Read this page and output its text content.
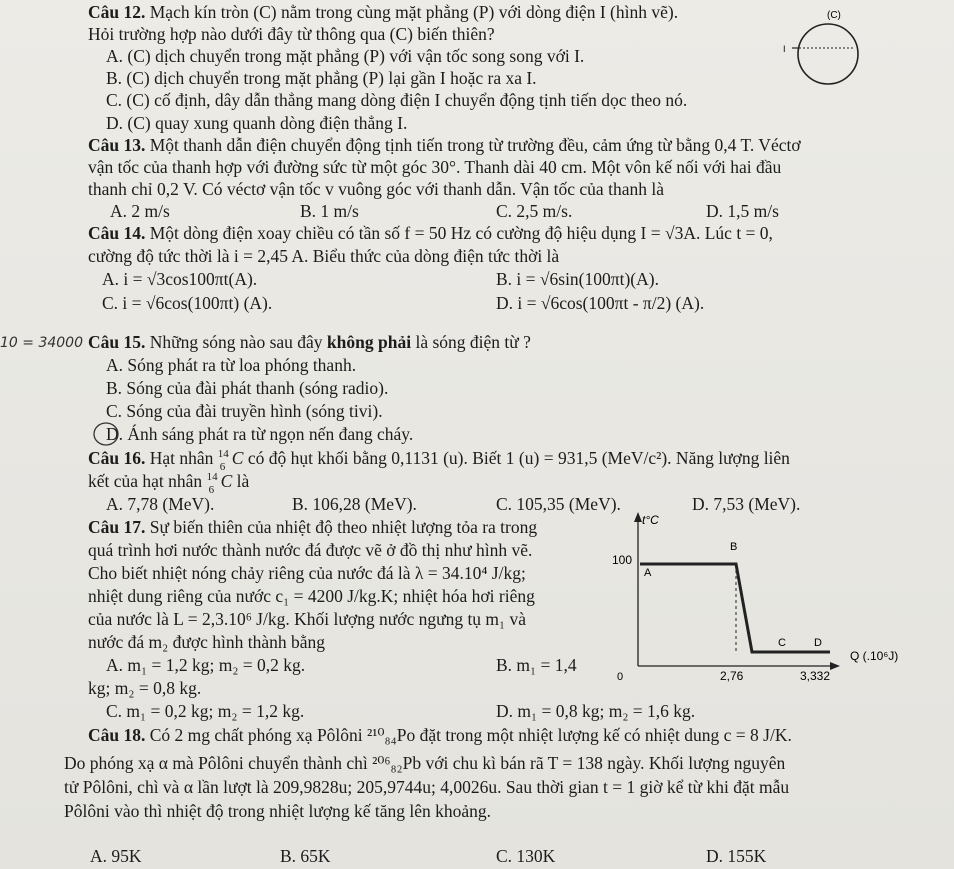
Câu 12. Mạch kín tròn (C) nằm trong cùng mặt phẳng (P) với dòng điện I (hình vẽ).
Hỏi trường hợp nào dưới đây từ thông qua (C) biến thiên?
A. (C) dịch chuyển trong mặt phẳng (P) với vận tốc song song với I.
B. (C) dịch chuyển trong mặt phẳng (P) lại gần I hoặc ra xa I.
C. (C) cố định, dây dẫn thẳng mang dòng điện I chuyển động tịnh tiến dọc theo nó.
D. (C) quay xung quanh dòng điện thẳng I.
(C)
I
Câu 13. Một thanh dẫn điện chuyển động tịnh tiến trong từ trường đều, cảm ứng từ bằng 0,4 T. Véctơ
vận tốc của thanh hợp với đường sức từ một góc 30°. Thanh dài 40 cm. Một vôn kế nối với hai đầu
thanh chỉ 0,2 V. Có véctơ vận tốc v vuông góc với thanh dẫn. Vận tốc của thanh là
A. 2 m/s	B. 1 m/s	C. 2,5 m/s.	D. 1,5 m/s
Câu 14. Một dòng điện xoay chiều có tần số f = 50 Hz có cường độ hiệu dụng I = √3A. Lúc t = 0,
cường độ tức thời là i = 2,45 A. Biểu thức của dòng điện tức thời là
A. i = √3cos100πt(A).	B. i = √6sin(100πt)(A).
C. i = √6cos(100πt) (A).	D. i = √6cos(100πt - π/2) (A).
10 = 34000 Câu 15. Những sóng nào sau đây không phải là sóng điện từ ?
A. Sóng phát ra từ loa phóng thanh.
B. Sóng của đài phát thanh (sóng radio).
C. Sóng của đài truyền hình (sóng tivi).
D. Ánh sáng phát ra từ ngọn nến đang cháy.
Câu 16. Hạt nhân 14
6 C có độ hụt khối bằng 0,1131 (u). Biết 1 (u) = 931,5 (MeV/c²). Năng lượng liên
kết của hạt nhân 14
6 C là
A. 7,78 (MeV).	B. 106,28 (MeV).	C. 105,35 (MeV).	D. 7,53 (MeV).
Câu 17. Sự biến thiên của nhiệt độ theo nhiệt lượng tỏa ra trong
quá trình hơi nước thành nước đá được vẽ ở đồ thị như hình vẽ.
Cho biết nhiệt nóng chảy riêng của nước đá là λ = 34.10⁴ J/kg;
nhiệt dung riêng của nước c₁ = 4200 J/kg.K; nhiệt hóa hơi riêng
của nước là L = 2,3.10⁶ J/kg. Khối lượng nước ngưng tụ m₁ và
nước đá m₂ được hình thành bằng
A. m₁ = 1,2 kg; m₂ = 0,2 kg.	B. m₁ = 1,4
kg; m₂ = 0,8 kg.
C. m₁ = 0,2 kg; m₂ = 1,2 kg.	D. m₁ = 0,8 kg; m₂ = 1,6 kg.
t°C
Q (.10⁶J)
100
0	2,76	3,332
A
B
C	D
Câu 18. Có 2 mg chất phóng xạ Pôlôni ²¹⁰₈₄Po đặt trong một nhiệt lượng kế có nhiệt dung c = 8 J/K.
Do phóng xạ α mà Pôlôni chuyển thành chì ²⁰⁶₈₂Pb với chu kì bán rã T = 138 ngày. Khối lượng nguyên
tử Pôlôni, chì và α lần lượt là 209,9828u; 205,9744u; 4,0026u. Sau thời gian t = 1 giờ kể từ khi đặt mẫu
Pôlôni vào thì nhiệt độ trong nhiệt lượng kế tăng lên khoảng.
A. 95K	B. 65K	C. 130K	D. 155K
